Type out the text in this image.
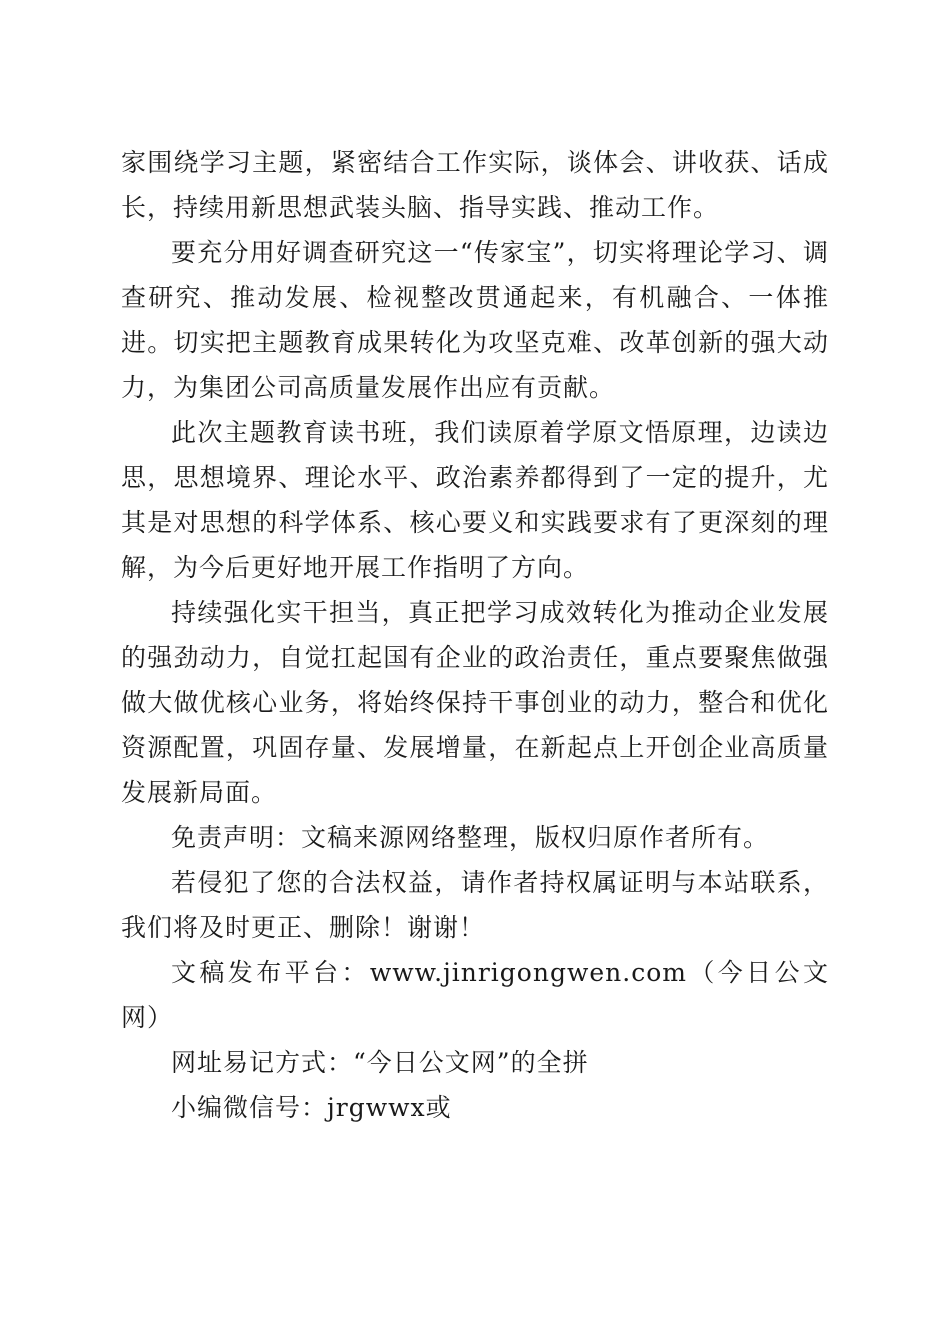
家围绕学习主题，紧密结合工作实际，谈体会、讲收获、话成长，持续用新思想武装头脑、指导实践、推动工作。

要充分用好调查研究这一“传家宝”，切实将理论学习、调查研究、推动发展、检视整改贯通起来，有机融合、一体推进。切实把主题教育成果转化为攻坚克难、改革创新的强大动力，为集团公司高质量发展作出应有贡献。

此次主题教育读书班，我们读原着学原文悟原理，边读边思，思想境界、理论水平、政治素养都得到了一定的提升，尤其是对思想的科学体系、核心要义和实践要求有了更深刻的理解，为今后更好地开展工作指明了方向。

持续强化实干担当，真正把学习成效转化为推动企业发展的强劲动力，自觉扛起国有企业的政治责任，重点要聚焦做强做大做优核心业务，将始终保持干事创业的动力，整合和优化资源配置，巩固存量、发展增量，在新起点上开创企业高质量发展新局面。

免责声明：文稿来源网络整理，版权归原作者所有。

若侵犯了您的合法权益，请作者持权属证明与本站联系，我们将及时更正、删除！谢谢！

文稿发布平台：www.jinrigongwen.com（今日公文网）

网址易记方式：“今日公文网”的全拼

小编微信号：jrgwwx或
